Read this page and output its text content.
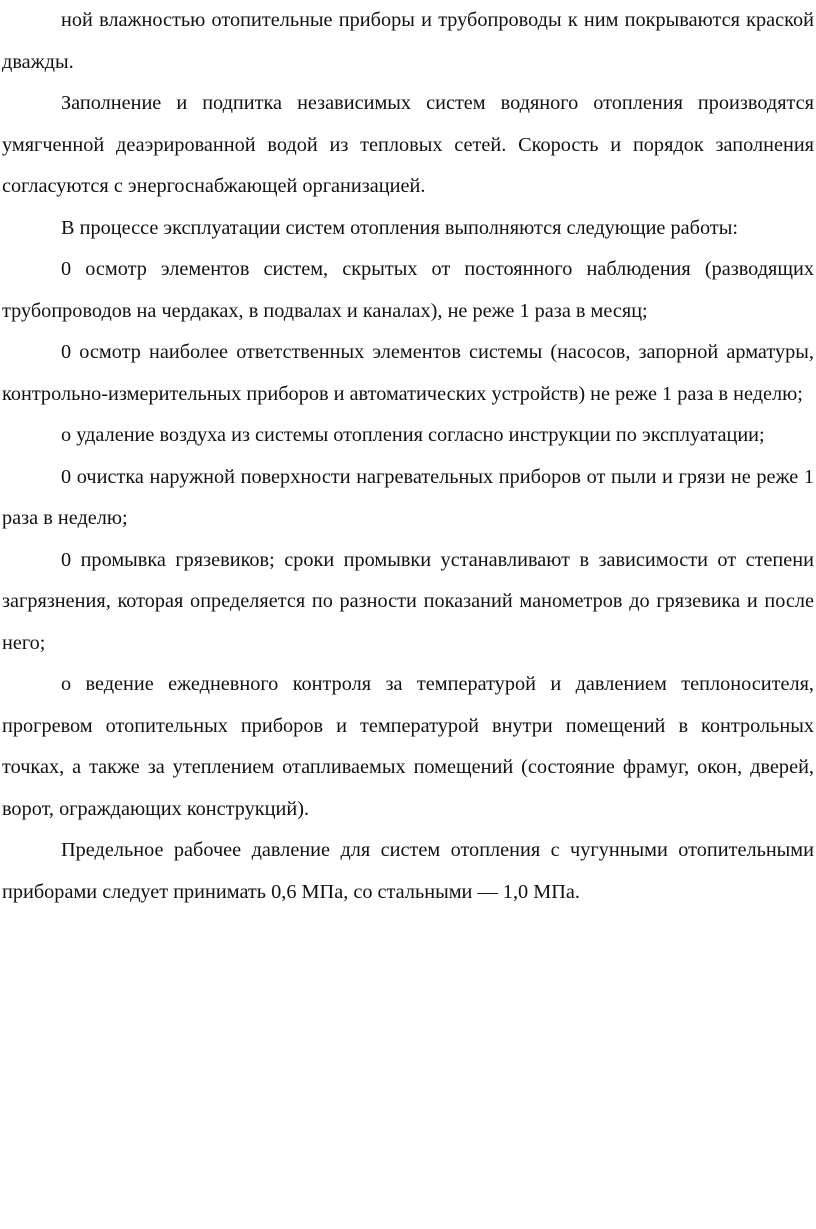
ной влажностью отопительные приборы и трубопроводы к ним покрываются краской дважды.

Заполнение и подпитка независимых систем водяного отопления производятся умягченной деаэрированной водой из тепловых сетей. Скорость и порядок заполнения согласуются с энергоснабжающей организацией.

В процессе эксплуатации систем отопления выполняются следующие работы:

0 осмотр элементов систем, скрытых от постоянного наблюдения (разводящих трубопроводов на чердаках, в подвалах и каналах), не реже 1 раза в месяц;

0 осмотр наиболее ответственных элементов системы (насосов, запорной арматуры, контрольно-измерительных приборов и автоматических устройств) не реже 1 раза в неделю;

о удаление воздуха из системы отопления согласно инструкции по эксплуатации;

0 очистка наружной поверхности нагревательных приборов от пыли и грязи не реже 1 раза в неделю;

0 промывка грязевиков; сроки промывки устанавливают в зависимости от степени загрязнения, которая определяется по разности показаний манометров до грязевика и после него;

о ведение ежедневного контроля за температурой и давлением теплоносителя, прогревом отопительных приборов и температурой внутри помещений в контрольных точках, а также за утеплением отапливаемых помещений (состояние фрамуг, окон, дверей, ворот, ограждающих конструкций).

Предельное рабочее давление для систем отопления с чугунными отопительными приборами следует принимать 0,6 МПа, со стальными — 1,0 МПа.
